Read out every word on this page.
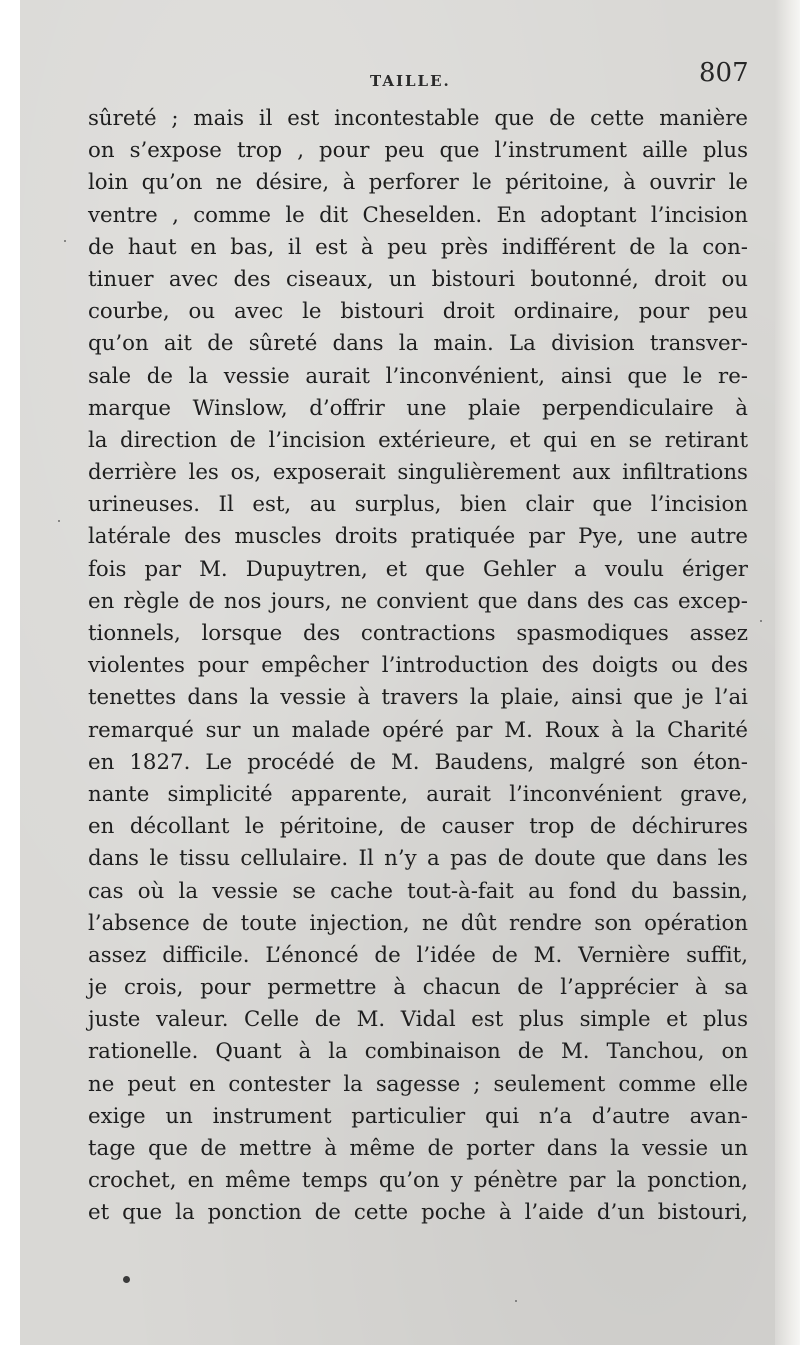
TAILLE.	807
sûreté ; mais il est incontestable que de cette manière
on s’expose trop , pour peu que l’instrument aille plus
loin qu’on ne désire, à perforer le péritoine, à ouvrir le
ventre , comme le dit Cheselden. En adoptant l’incision
de haut en bas, il est à peu près indifférent de la con-
tinuer avec des ciseaux, un bistouri boutonné, droit ou
courbe, ou avec le bistouri droit ordinaire, pour peu
qu’on ait de sûreté dans la main. La division transver-
sale de la vessie aurait l’inconvénient, ainsi que le re-
marque Winslow, d’offrir une plaie perpendiculaire à
la direction de l’incision extérieure, et qui en se retirant
derrière les os, exposerait singulièrement aux infiltrations
urineuses. Il est, au surplus, bien clair que l’incision
latérale des muscles droits pratiquée par Pye, une autre
fois par M. Dupuytren, et que Gehler a voulu ériger
en règle de nos jours, ne convient que dans des cas excep-
tionnels, lorsque des contractions spasmodiques assez
violentes pour empêcher l’introduction des doigts ou des
tenettes dans la vessie à travers la plaie, ainsi que je l’ai
remarqué sur un malade opéré par M. Roux à la Charité
en 1827. Le procédé de M. Baudens, malgré son éton-
nante simplicité apparente, aurait l’inconvénient grave,
en décollant le péritoine, de causer trop de déchirures
dans le tissu cellulaire. Il n’y a pas de doute que dans les
cas où la vessie se cache tout-à-fait au fond du bassin,
l’absence de toute injection, ne dût rendre son opération
assez difficile. L’énoncé de l’idée de M. Vernière suffit,
je crois, pour permettre à chacun de l’apprécier à sa
juste valeur. Celle de M. Vidal est plus simple et plus
rationelle. Quant à la combinaison de M. Tanchou, on
ne peut en contester la sagesse ; seulement comme elle
exige un instrument particulier qui n’a d’autre avan-
tage que de mettre à même de porter dans la vessie un
crochet, en même temps qu’on y pénètre par la ponction,
et que la ponction de cette poche à l’aide d’un bistouri,
